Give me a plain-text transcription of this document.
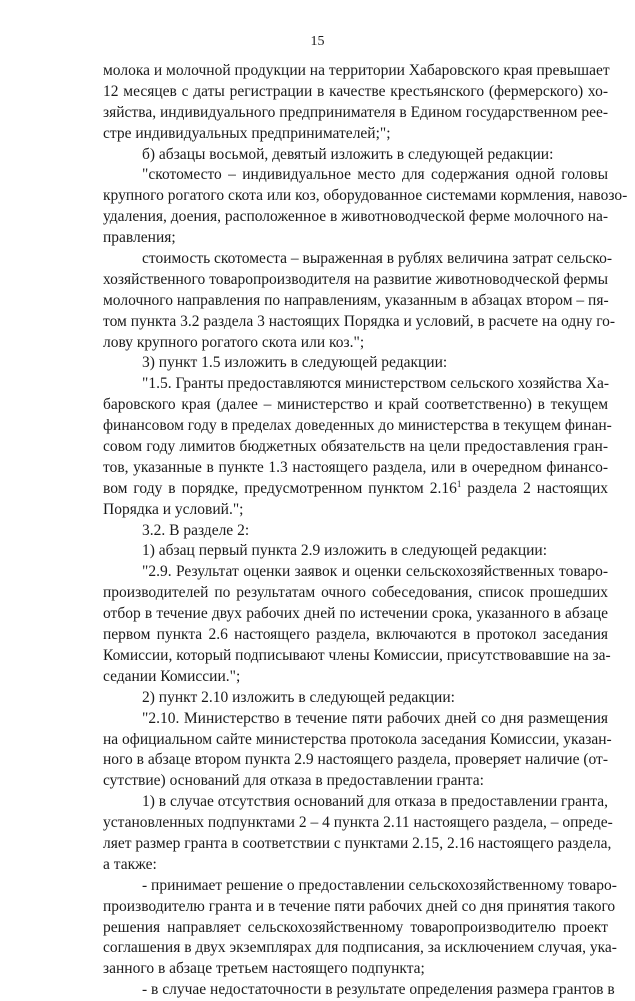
15
молока и молочной продукции на территории Хабаровского края превышает
12 месяцев с даты регистрации в качестве крестьянского (фермерского) хо-
зяйства, индивидуального предпринимателя в Едином государственном рее-
стре индивидуальных предпринимателей;";
б) абзацы восьмой, девятый изложить в следующей редакции:
"скотоместо – индивидуальное место для содержания одной головы
крупного рогатого скота или коз, оборудованное системами кормления, навозо-
удаления, доения, расположенное в животноводческой ферме молочного на-
правления;
стоимость скотоместа – выраженная в рублях величина затрат сельско-
хозяйственного товаропроизводителя на развитие животноводческой фермы
молочного направления по направлениям, указанным в абзацах втором – пя-
том пункта 3.2 раздела 3 настоящих Порядка и условий, в расчете на одну го-
лову крупного рогатого скота или коз.";
3) пункт 1.5 изложить в следующей редакции:
"1.5. Гранты предоставляются министерством сельского хозяйства Ха-
баровского края (далее – министерство и край соответственно) в текущем
финансовом году в пределах доведенных до министерства в текущем финан-
совом году лимитов бюджетных обязательств на цели предоставления гран-
тов, указанные в пункте 1.3 настоящего раздела, или в очередном финансо-
вом году в порядке, предусмотренном пунктом 2.16$^1$ раздела 2 настоящих
Порядка и условий.";
3.2. В разделе 2:
1) абзац первый пункта 2.9 изложить в следующей редакции:
"2.9. Результат оценки заявок и оценки сельскохозяйственных товаро-
производителей по результатам очного собеседования, список прошедших
отбор в течение двух рабочих дней по истечении срока, указанного в абзаце
первом пункта 2.6 настоящего раздела, включаются в протокол заседания
Комиссии, который подписывают члены Комиссии, присутствовавшие на за-
седании Комиссии.";
2) пункт 2.10 изложить в следующей редакции:
"2.10. Министерство в течение пяти рабочих дней со дня размещения
на официальном сайте министерства протокола заседания Комиссии, указан-
ного в абзаце втором пункта 2.9 настоящего раздела, проверяет наличие (от-
сутствие) оснований для отказа в предоставлении гранта:
1) в случае отсутствия оснований для отказа в предоставлении гранта,
установленных подпунктами 2 – 4 пункта 2.11 настоящего раздела, – опреде-
ляет размер гранта в соответствии с пунктами 2.15, 2.16 настоящего раздела,
а также:
- принимает решение о предоставлении сельскохозяйственному товаро-
производителю гранта и в течение пяти рабочих дней со дня принятия такого
решения направляет сельскохозяйственному товаропроизводителю проект
соглашения в двух экземплярах для подписания, за исключением случая, ука-
занного в абзаце третьем настоящего подпункта;
- в случае недостаточности в результате определения размера грантов в
